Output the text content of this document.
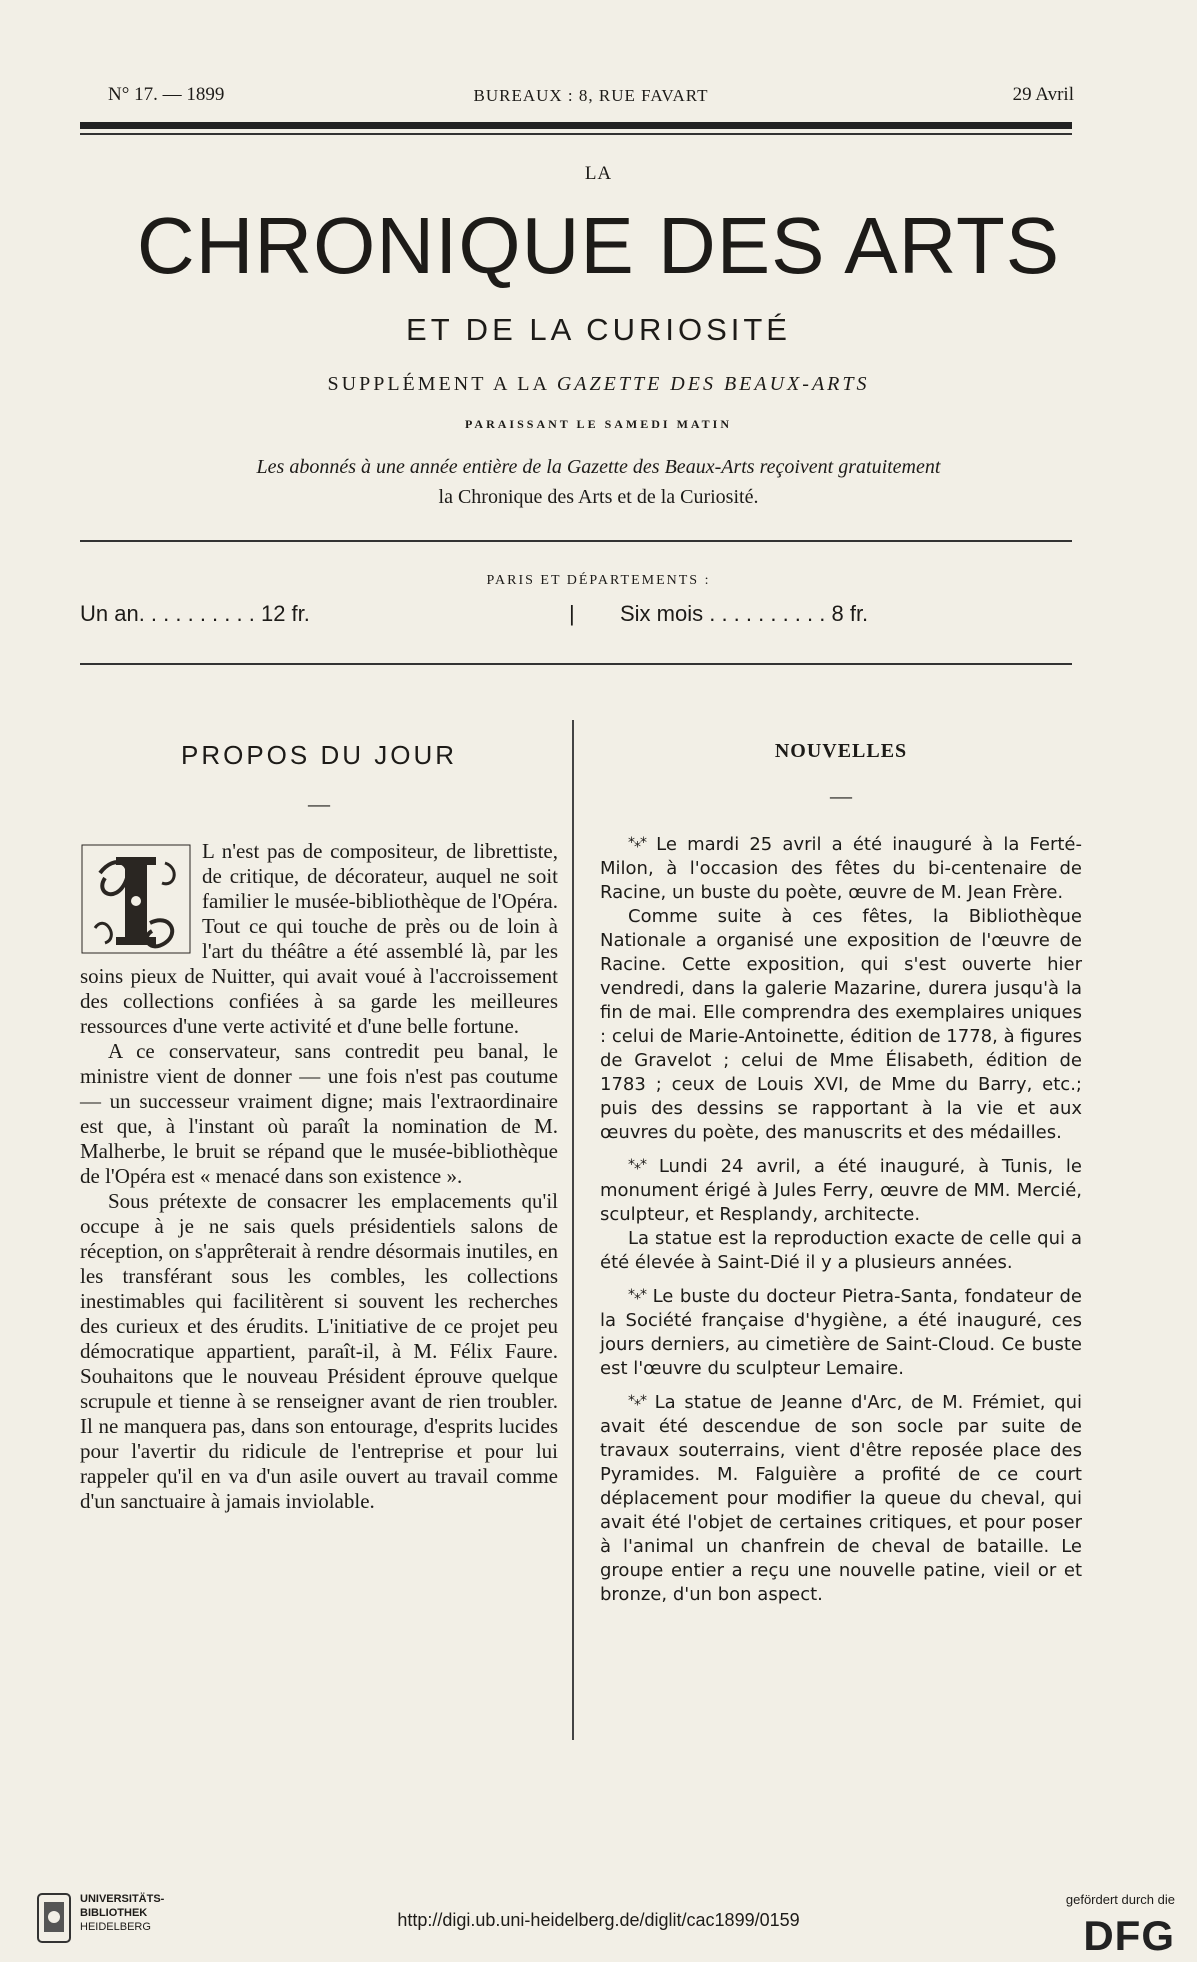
N° 17. — 1899	BUREAUX : 8, RUE FAVART	29 Avril
LA
CHRONIQUE DES ARTS
ET DE LA CURIOSITÉ
SUPPLÉMENT A LA GAZETTE DES BEAUX-ARTS
PARAISSANT LE SAMEDI MATIN
Les abonnés à une année entière de la Gazette des Beaux-Arts reçoivent gratuitement
la Chronique des Arts et de la Curiosité.
PARIS ET DÉPARTEMENTS :
Un an. . . . . . . . . . 12 fr.	| Six mois . . . . . . . . . . 8 fr.
PROPOS DU JOUR
—

L n'est pas de compositeur, de librettiste, de critique, de décorateur, auquel ne soit familier le musée-bibliothèque de l'Opéra. Tout ce qui touche de près ou de loin à l'art du théâtre a été assemblé là, par les soins pieux de Nuitter, qui avait voué à l'accroissement des collections confiées à sa garde les meilleures ressources d'une verte activité et d'une belle fortune.

A ce conservateur, sans contredit peu banal, le ministre vient de donner — une fois n'est pas coutume — un successeur vraiment digne; mais l'extraordinaire est que, à l'instant où paraît la nomination de M. Malherbe, le bruit se répand que le musée-bibliothèque de l'Opéra est « menacé dans son existence ».

Sous prétexte de consacrer les emplacements qu'il occupe à je ne sais quels présidentiels salons de réception, on s'apprêterait à rendre désormais inutiles, en les transférant sous les combles, les collections inestimables qui facilitèrent si souvent les recherches des curieux et des érudits. L'initiative de ce projet peu démocratique appartient, paraît-il, à M. Félix Faure. Souhaitons que le nouveau Président éprouve quelque scrupule et tienne à se renseigner avant de rien troubler. Il ne manquera pas, dans son entourage, d'esprits lucides pour l'avertir du ridicule de l'entreprise et pour lui rappeler qu'il en va d'un asile ouvert au travail comme d'un sanctuaire à jamais inviolable.

NOUVELLES
—

*⁎* Le mardi 25 avril a été inauguré à la Ferté-Milon, à l'occasion des fêtes du bi-centenaire de Racine, un buste du poète, œuvre de M. Jean Frère.

Comme suite à ces fêtes, la Bibliothèque Nationale a organisé une exposition de l'œuvre de Racine. Cette exposition, qui s'est ouverte hier vendredi, dans la galerie Mazarine, durera jusqu'à la fin de mai. Elle comprendra des exemplaires uniques : celui de Marie-Antoinette, édition de 1778, à figures de Gravelot ; celui de Mme Élisabeth, édition de 1783 ; ceux de Louis XVI, de Mme du Barry, etc.; puis des dessins se rapportant à la vie et aux œuvres du poète, des manuscrits et des médailles.

*⁎* Lundi 24 avril, a été inauguré, à Tunis, le monument érigé à Jules Ferry, œuvre de MM. Mercié, sculpteur, et Resplandy, architecte.

La statue est la reproduction exacte de celle qui a été élevée à Saint-Dié il y a plusieurs années.

*⁎* Le buste du docteur Pietra-Santa, fondateur de la Société française d'hygiène, a été inauguré, ces jours derniers, au cimetière de Saint-Cloud. Ce buste est l'œuvre du sculpteur Lemaire.

*⁎* La statue de Jeanne d'Arc, de M. Frémiet, qui avait été descendue de son socle par suite de travaux souterrains, vient d'être reposée place des Pyramides. M. Falguière a profité de ce court déplacement pour modifier la queue du cheval, qui avait été l'objet de certaines critiques, et pour poser à l'animal un chanfrein de cheval de bataille. Le groupe entier a reçu une nouvelle patine, vieil or et bronze, d'un bon aspect.

UNIVERSITÄTS-
BIBLIOTHEK
HEIDELBERG	http://digi.ub.uni-heidelberg.de/diglit/cac1899/0159
gefördert durch die
DFG
